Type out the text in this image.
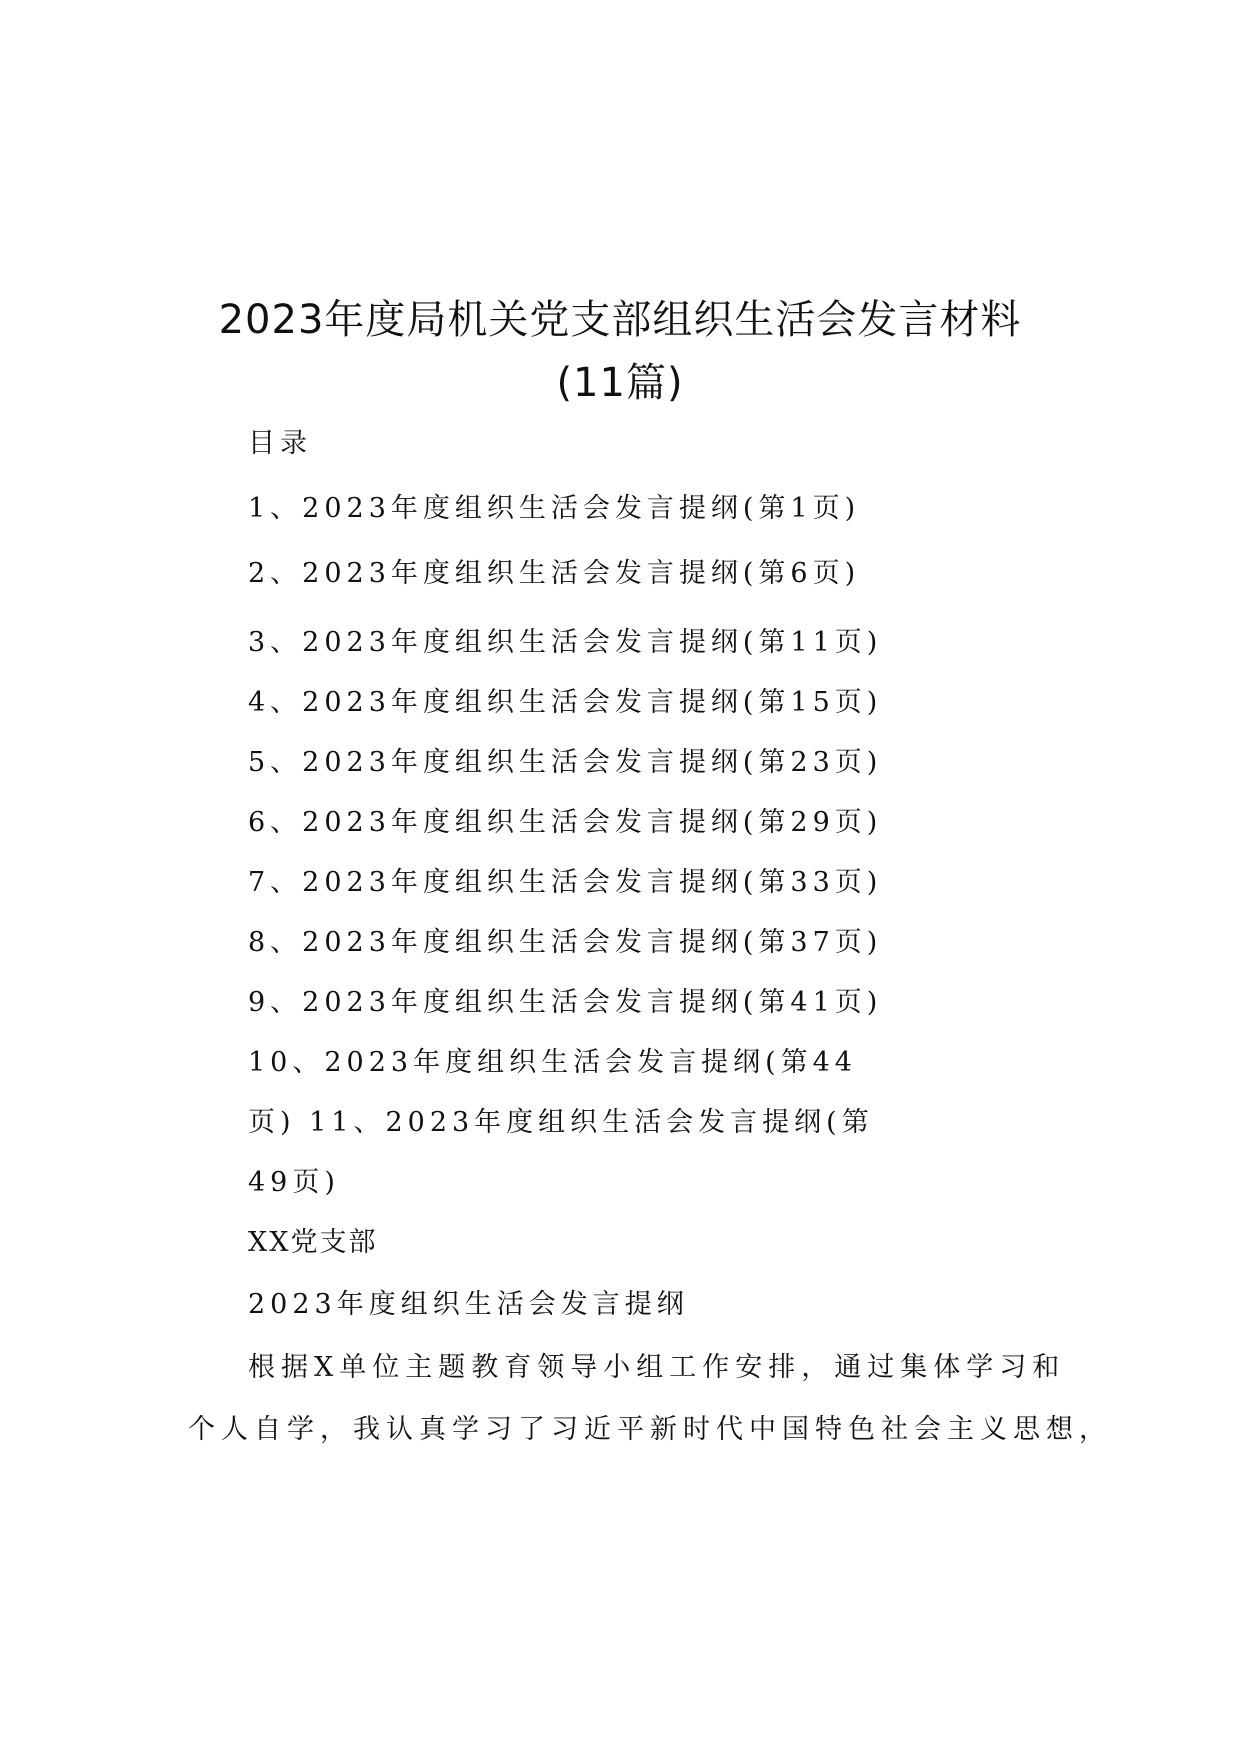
2023年度局机关党支部组织生活会发言材料
(11篇)
目录
1、2023年度组织生活会发言提纲(第1页)
2、2023年度组织生活会发言提纲(第6页)
3、2023年度组织生活会发言提纲(第11页)
4、2023年度组织生活会发言提纲(第15页)
5、2023年度组织生活会发言提纲(第23页)
6、2023年度组织生活会发言提纲(第29页)
7、2023年度组织生活会发言提纲(第33页)
8、2023年度组织生活会发言提纲(第37页)
9、2023年度组织生活会发言提纲(第41页)
10、2023年度组织生活会发言提纲(第44
页) 11、2023年度组织生活会发言提纲(第
49页)
XX党支部
2023年度组织生活会发言提纲
根据X单位主题教育领导小组工作安排，通过集体学习和
个人自学，我认真学习了习近平新时代中国特色社会主义思想，
